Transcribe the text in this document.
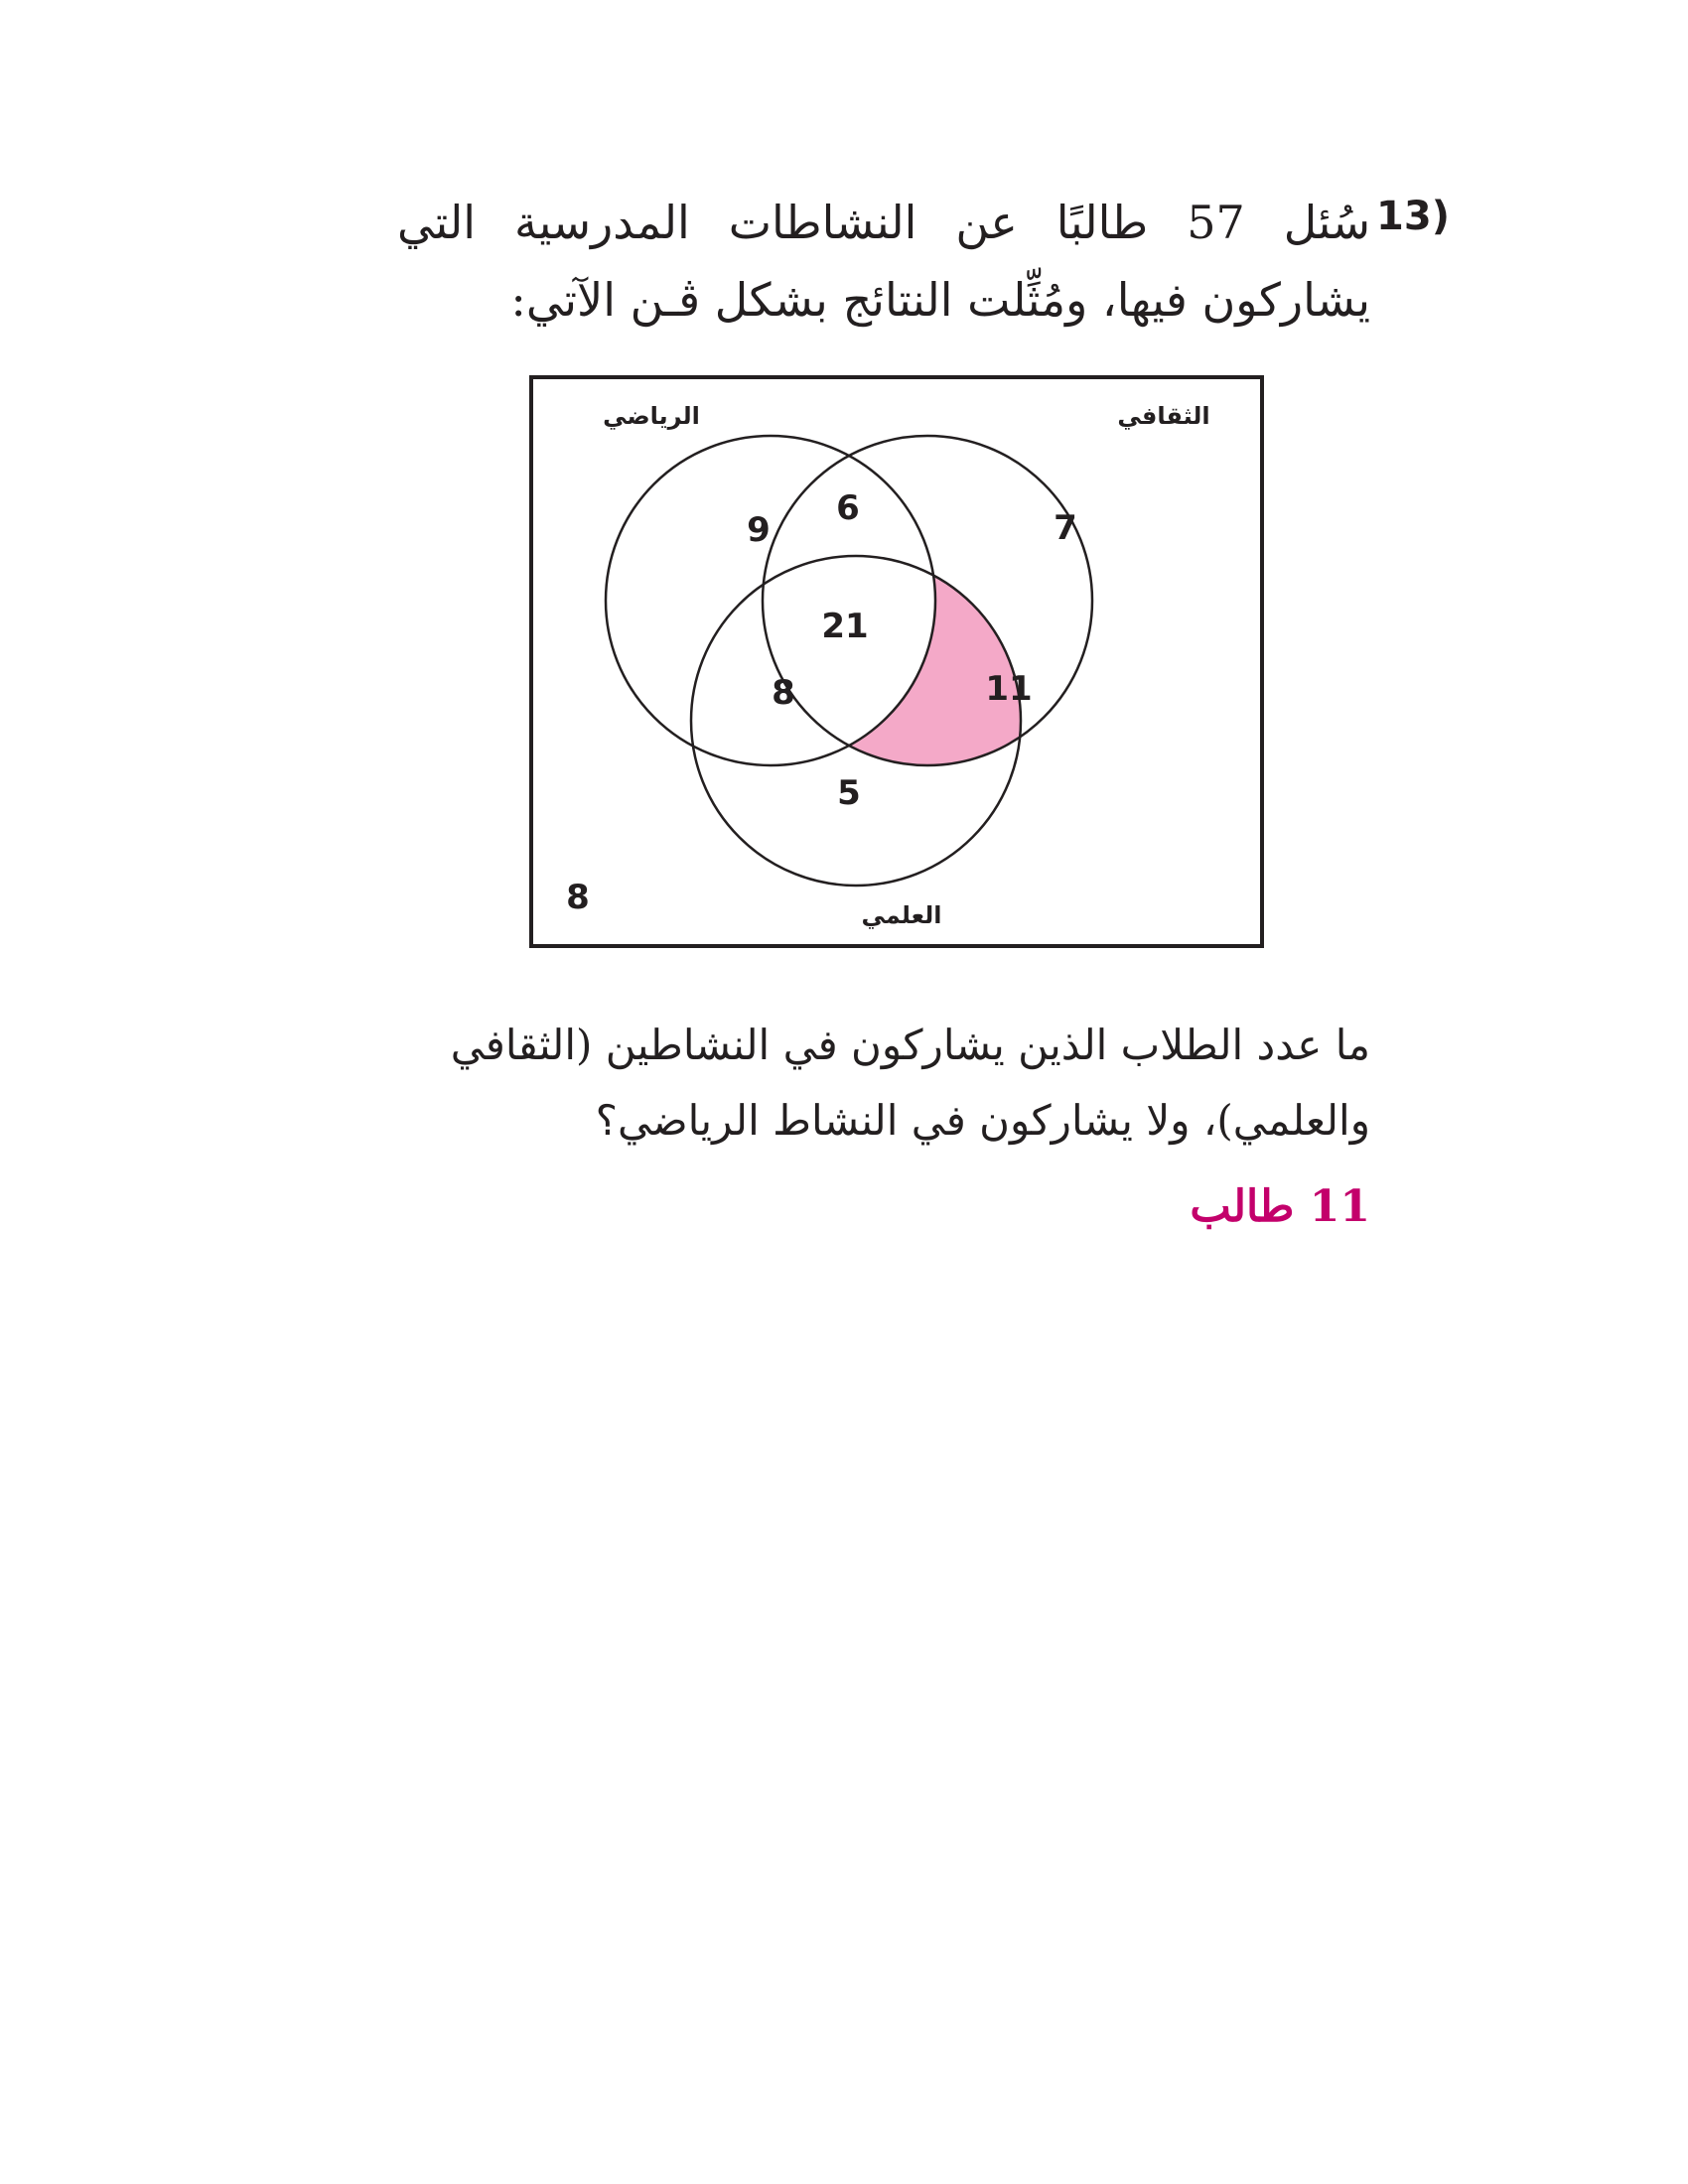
13)
سُئل 57 طالبًا عن النشاطات المدرسية التي يشاركون فيها، ومُثِّلت النتائج بشكل ڤـن الآتي:
الرياضي	الثقافي
العلمي
9
6	7
21
8	11
5
8
ما عدد الطلاب الذين يشاركون في النشاطين (الثقافي والعلمي)، ولا يشاركون في النشاط الرياضي؟
11 طالب
